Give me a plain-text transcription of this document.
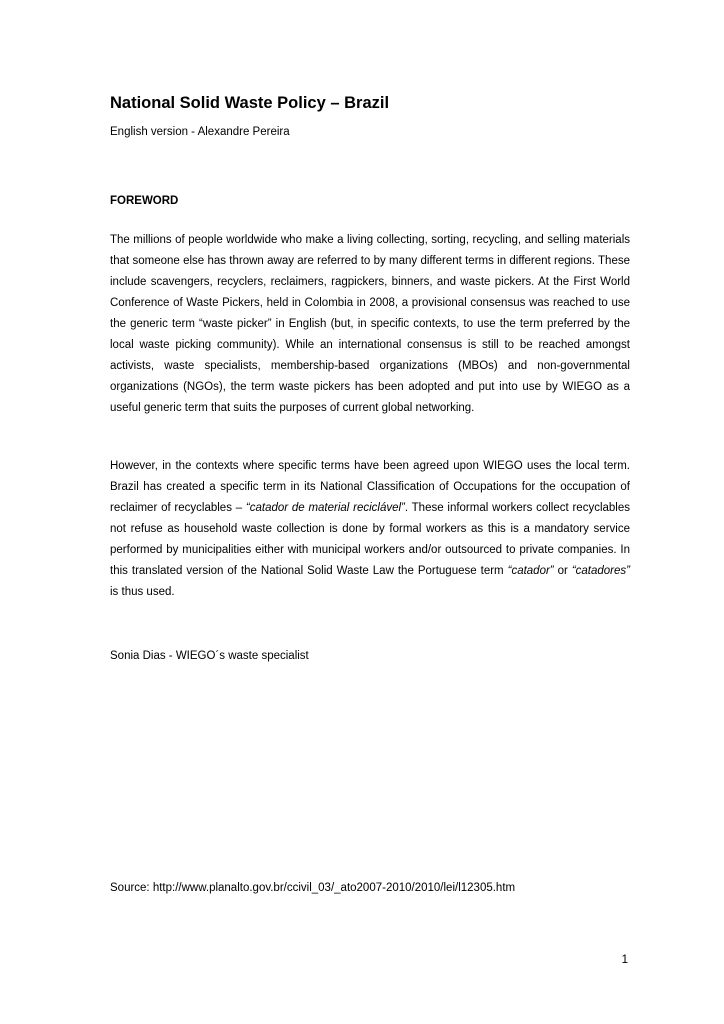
National Solid Waste Policy – Brazil

English version - Alexandre Pereira

FOREWORD

The millions of people worldwide who make a living collecting, sorting, recycling, and selling materials that someone else has thrown away are referred to by many different terms in different regions. These include scavengers, recyclers, reclaimers, ragpickers, binners, and waste pickers. At the First World Conference of Waste Pickers, held in Colombia in 2008, a provisional consensus was reached to use the generic term “waste picker” in English (but, in specific contexts, to use the term preferred by the local waste picking community). While an international consensus is still to be reached amongst activists, waste specialists, membership-based organizations (MBOs) and non-governmental organizations (NGOs), the term waste pickers has been adopted and put into use by WIEGO as a useful generic term that suits the purposes of current global networking.

However, in the contexts where specific terms have been agreed upon WIEGO uses the local term. Brazil has created a specific term in its National Classification of Occupations for the occupation of reclaimer of recyclables – “catador de material reciclável”. These informal workers collect recyclables not refuse as household waste collection is done by formal workers as this is a mandatory service performed by municipalities either with municipal workers and/or outsourced to private companies. In this translated version of the National Solid Waste Law the Portuguese term “catador” or “catadores” is thus used.

Sonia Dias - WIEGO´s waste specialist

Source: http://www.planalto.gov.br/ccivil_03/_ato2007-2010/2010/lei/l12305.htm

1
